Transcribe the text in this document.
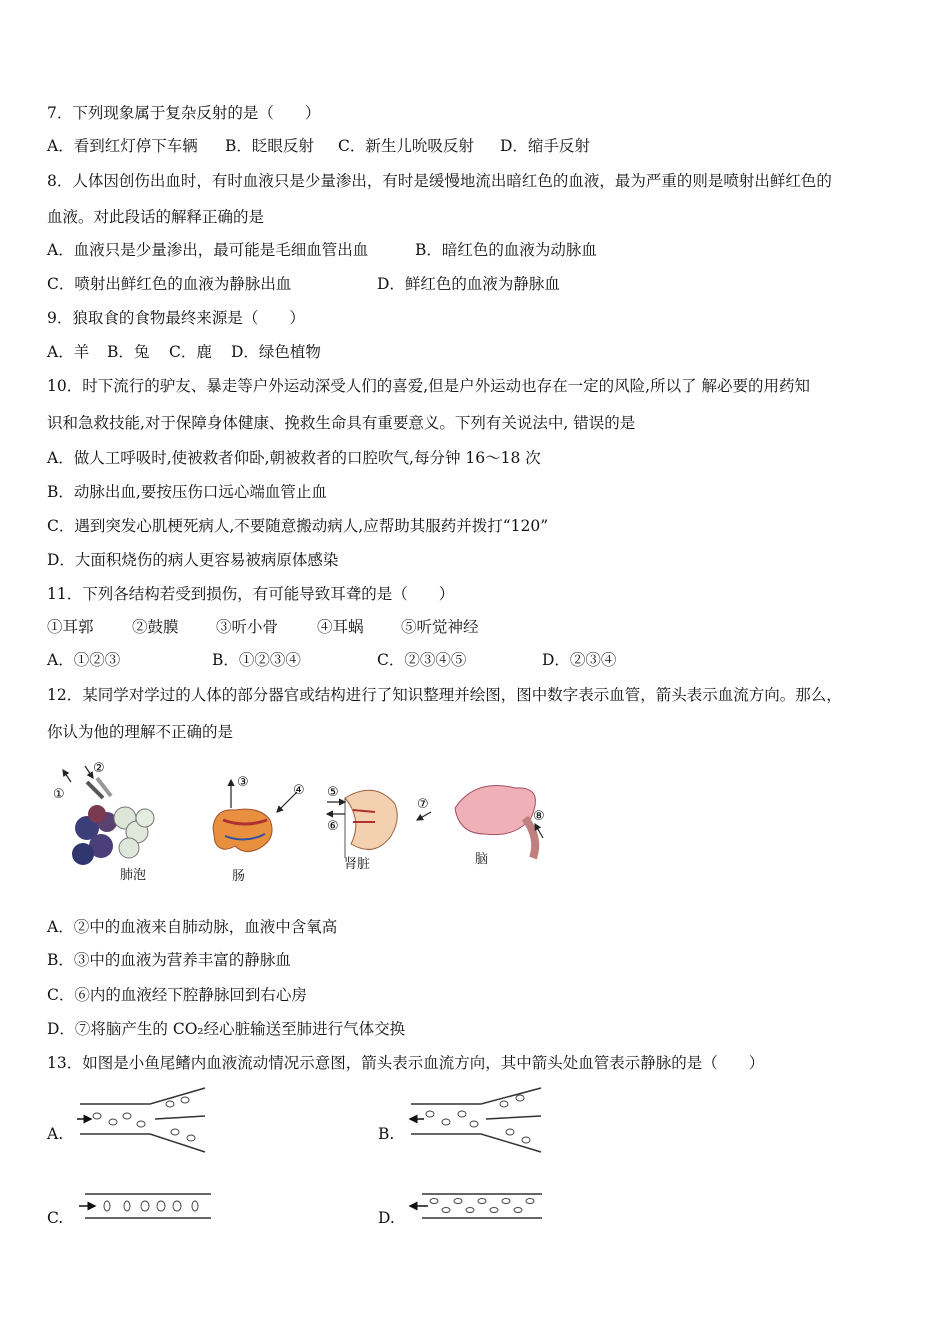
7．下列现象属于复杂反射的是（　　）
A．看到红灯停下车辆 B．眨眼反射 C．新生儿吮吸反射 D．缩手反射
8．人体因创伤出血时，有时血液只是少量渗出，有时是缓慢地流出暗红色的血液，最为严重的则是喷射出鲜红色的
血液。对此段话的解释正确的是
A．血液只是少量渗出，最可能是毛细血管出血	B．暗红色的血液为动脉血
C．喷射出鲜红色的血液为静脉出血	D．鲜红色的血液为静脉血
9．狼取食的食物最终来源是（　　）
A．羊 B．兔 C．鹿 D．绿色植物
10．时下流行的驴友、暴走等户外运动深受人们的喜爱,但是户外运动也存在一定的风险,所以了 解必要的用药知
识和急救技能,对于保障身体健康、挽救生命具有重要意义。下列有关说法中, 错误的是
A．做人工呼吸时,使被救者仰卧,朝被救者的口腔吹气,每分钟 16～18 次
B．动脉出血,要按压伤口远心端血管止血
C．遇到突发心肌梗死病人,不要随意搬动病人,应帮助其服药并拨打“120”
D．大面积烧伤的病人更容易被病原体感染
11．下列各结构若受到损伤，有可能导致耳聋的是（　　）
①耳郭 ②鼓膜 ③听小骨	④耳蜗 ⑤听觉神经
A．①②③	B．①②③④	C．②③④⑤	D．②③④
12．某同学对学过的人体的部分器官或结构进行了知识整理并绘图，图中数字表示血管，箭头表示血流方向。那么，
你认为他的理解不正确的是
①
②
③
④ ⑤
⑥
⑦
⑧
肺泡	肠
肾脏	脑
A．②中的血液来自肺动脉，血液中含氧高
B．③中的血液为营养丰富的静脉血
C．⑥内的血液经下腔静脉回到右心房
D．⑦将脑产生的 CO₂经心脏输送至肺进行气体交换
13．如图是小鱼尾鳍内血液流动情况示意图，箭头表示血流方向，其中箭头处血管表示静脉的是（　　）
A.	B.
C.	D.
